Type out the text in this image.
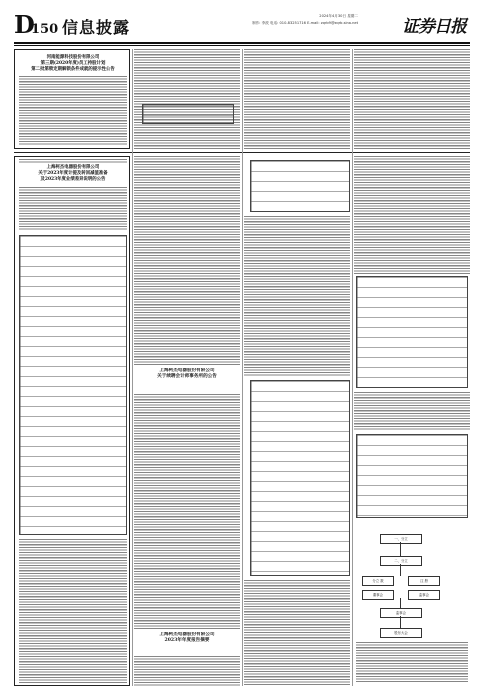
D
150 信息披露
2024年4月30日 星期二
制作: 李波 电话: 010-83251716 E-mail: zqrb9@zqrb.sina.net	证券日报
河南能源科技股份有限公司
第三期(2020年度)员工持股计划
第二批第锁定期解锁条件成就的提示性公告
上海柯杰电器股份有限公司
关于2023年度计提及转回减值准备
及2023年度业绩差异说明的公告
上海柯杰电器股份有限公司
关于续聘会计师事务所的公告
上海柯杰电器股份有限公司
2023年年度报告摘要
一、分立
二、分立
分立 数	注 册
董事会	监事会
监事会
股东大会
